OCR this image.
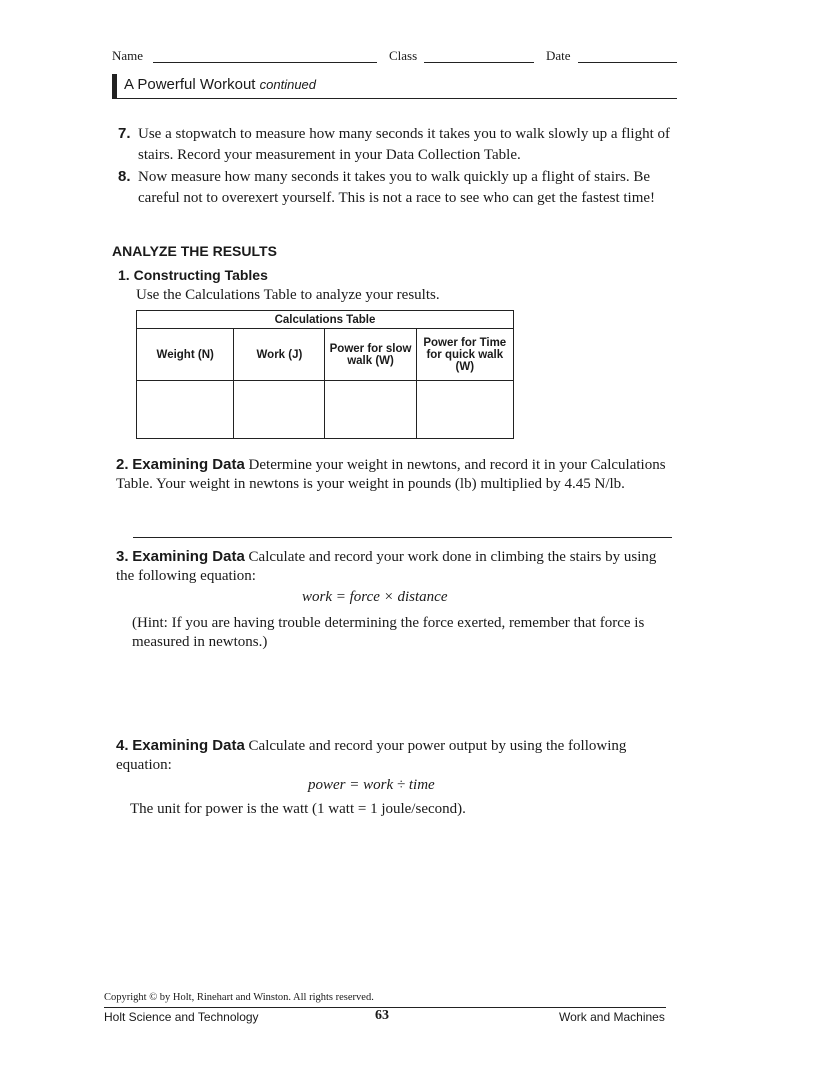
Name	Class	Date
A Powerful Workout continued
7. Use a stopwatch to measure how many seconds it takes you to walk slowly up a flight of stairs. Record your measurement in your Data Collection Table.
8. Now measure how many seconds it takes you to walk quickly up a flight of stairs. Be careful not to overexert yourself. This is not a race to see who can get the fastest time!
ANALYZE THE RESULTS
1. Constructing Tables
Use the Calculations Table to analyze your results.
Calculations Table			
Weight (N)	Work (J)	Power for slow walk (W)	Power for Time for quick walk (W)

2. Examining Data Determine your weight in newtons, and record it in your Calculations Table. Your weight in newtons is your weight in pounds (lb) multiplied by 4.45 N/lb.
3. Examining Data Calculate and record your work done in climbing the stairs by using the following equation:
work = force × distance
(Hint: If you are having trouble determining the force exerted, remember that force is measured in newtons.)
4. Examining Data Calculate and record your power output by using the following equation:
power = work ÷ time
The unit for power is the watt (1 watt = 1 joule/second).
Copyright © by Holt, Rinehart and Winston. All rights reserved.
Holt Science and Technology	63	Work and Machines
